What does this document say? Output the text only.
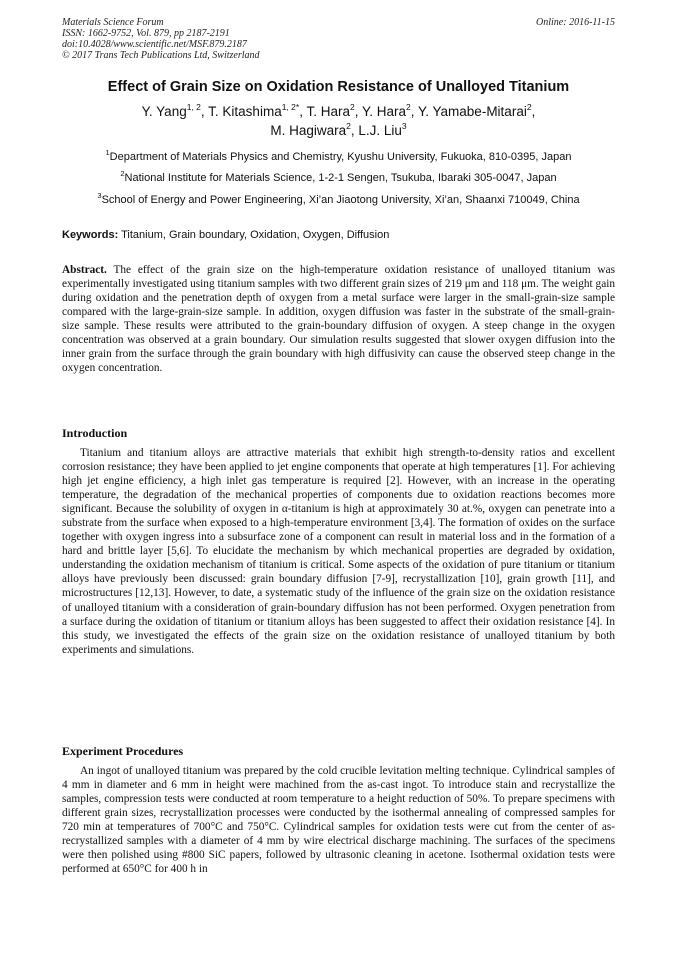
Materials Science Forum
ISSN: 1662-9752, Vol. 879, pp 2187-2191
doi:10.4028/www.scientific.net/MSF.879.2187
© 2017 Trans Tech Publications Ltd, Switzerland
Online: 2016-11-15
Effect of Grain Size on Oxidation Resistance of Unalloyed Titanium
Y. Yang$^{1, 2}$, T. Kitashima$^{1, 2*}$, T. Hara$^2$, Y. Hara$^2$, Y. Yamabe-Mitarai$^2$,
M. Hagiwara$^2$, L.J. Liu$^3$
$^1$Department of Materials Physics and Chemistry, Kyushu University, Fukuoka, 810-0395, Japan
$^2$National Institute for Materials Science, 1-2-1 Sengen, Tsukuba, Ibaraki 305-0047, Japan
$^3$School of Energy and Power Engineering, Xi’an Jiaotong University, Xi’an, Shaanxi 710049, China
Keywords: Titanium, Grain boundary, Oxidation, Oxygen, Diffusion
Abstract. The effect of the grain size on the high-temperature oxidation resistance of unalloyed titanium was experimentally investigated using titanium samples with two different grain sizes of 219 μm and 118 μm. The weight gain during oxidation and the penetration depth of oxygen from a metal surface were larger in the small-grain-size sample compared with the large-grain-size sample. In addition, oxygen diffusion was faster in the substrate of the small-grain-size sample. These results were attributed to the grain-boundary diffusion of oxygen. A steep change in the oxygen concentration was observed at a grain boundary. Our simulation results suggested that slower oxygen diffusion into the inner grain from the surface through the grain boundary with high diffusivity can cause the observed steep change in the oxygen concentration.
Introduction
Titanium and titanium alloys are attractive materials that exhibit high strength-to-density ratios and excellent corrosion resistance; they have been applied to jet engine components that operate at high temperatures [1]. For achieving high jet engine efficiency, a high inlet gas temperature is required [2]. However, with an increase in the operating temperature, the degradation of the mechanical properties of components due to oxidation reactions becomes more significant. Because the solubility of oxygen in α-titanium is high at approximately 30 at.%, oxygen can penetrate into a substrate from the surface when exposed to a high-temperature environment [3,4]. The formation of oxides on the surface together with oxygen ingress into a subsurface zone of a component can result in material loss and in the formation of a hard and brittle layer [5,6]. To elucidate the mechanism by which mechanical properties are degraded by oxidation, understanding the oxidation mechanism of titanium is critical. Some aspects of the oxidation of pure titanium or titanium alloys have previously been discussed: grain boundary diffusion [7-9], recrystallization [10], grain growth [11], and microstructures [12,13]. However, to date, a systematic study of the influence of the grain size on the oxidation resistance of unalloyed titanium with a consideration of grain-boundary diffusion has not been performed. Oxygen penetration from a surface during the oxidation of titanium or titanium alloys has been suggested to affect their oxidation resistance [4]. In this study, we investigated the effects of the grain size on the oxidation resistance of unalloyed titanium by both experiments and simulations.
Experiment Procedures
An ingot of unalloyed titanium was prepared by the cold crucible levitation melting technique. Cylindrical samples of 4 mm in diameter and 6 mm in height were machined from the as-cast ingot. To introduce stain and recrystallize the samples, compression tests were conducted at room temperature to a height reduction of 50%. To prepare specimens with different grain sizes, recrystallization processes were conducted by the isothermal annealing of compressed samples for 720 min at temperatures of 700°C and 750°C. Cylindrical samples for oxidation tests were cut from the center of as-recrystallized samples with a diameter of 4 mm by wire electrical discharge machining. The surfaces of the specimens were then polished using #800 SiC papers, followed by ultrasonic cleaning in acetone. Isothermal oxidation tests were performed at 650°C for 400 h in
